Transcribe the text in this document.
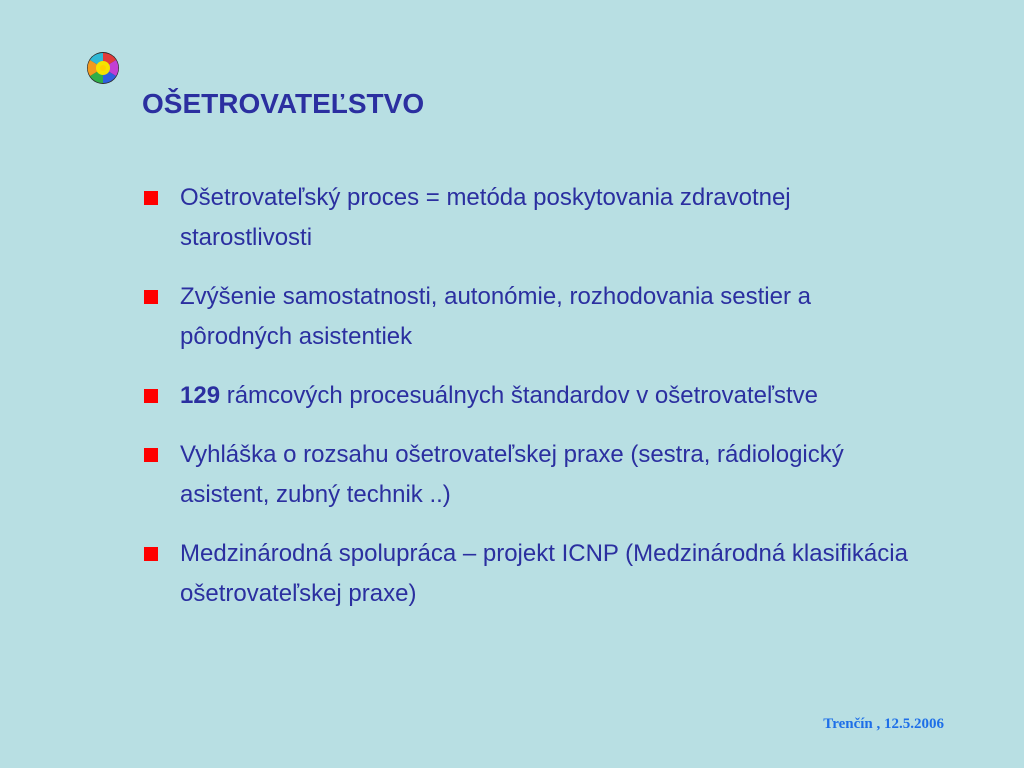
OŠETROVATEĽSTVO
Ošetrovateľský proces = metóda poskytovania zdravotnej starostlivosti
Zvýšenie samostatnosti, autonómie, rozhodovania sestier a pôrodných asistentiek
129 rámcových procesuálnych štandardov v ošetrovateľstve
Vyhláška o rozsahu ošetrovateľskej praxe (sestra, rádiologický asistent, zubný technik ..)
Medzinárodná spolupráca – projekt ICNP (Medzinárodná klasifikácia ošetrovateľskej praxe)
Trenčín , 12.5.2006
